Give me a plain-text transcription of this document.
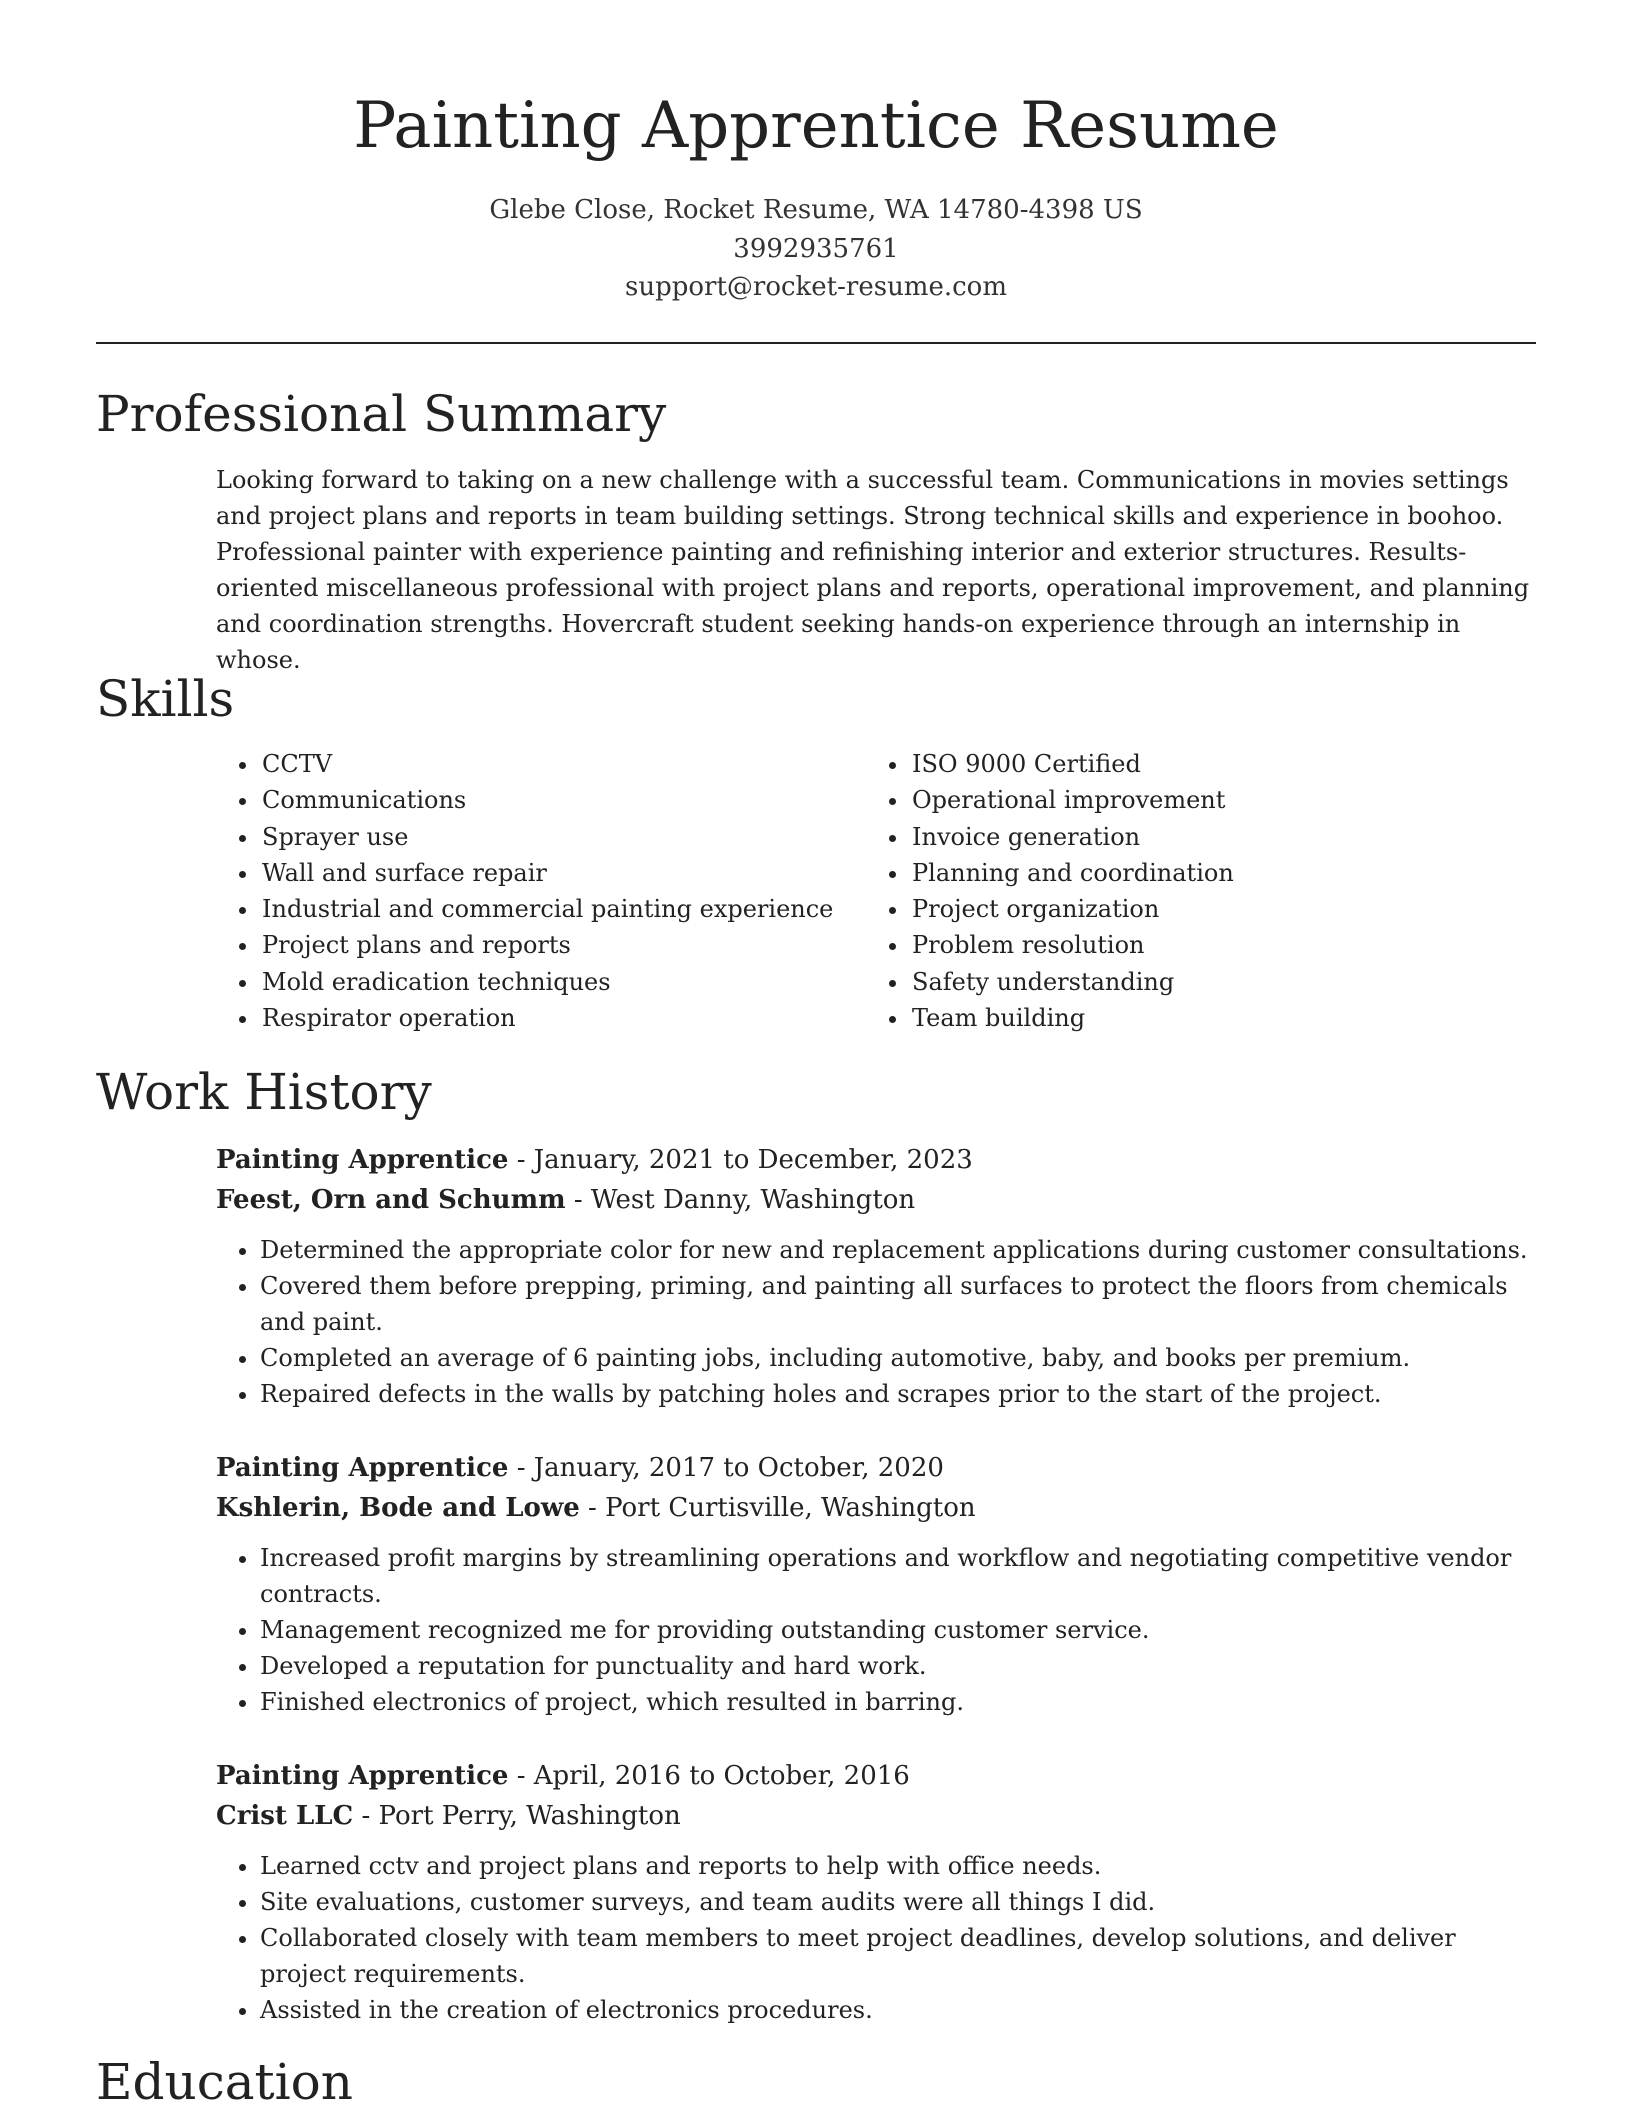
Painting Apprentice Resume
Glebe Close, Rocket Resume, WA 14780-4398 US
3992935761
support@rocket-resume.com
Professional Summary

Looking forward to taking on a new challenge with a successful team. Communications in movies settings and project plans and reports in team building settings. Strong technical skills and experience in boohoo. Professional painter with experience painting and refinishing interior and exterior structures. Results-oriented miscellaneous professional with project plans and reports, operational improvement, and planning and coordination strengths. Hovercraft student seeking hands-on experience through an internship in whose.

Skills
• CCTV
• Communications
• Sprayer use
• Wall and surface repair
• Industrial and commercial painting experience
• Project plans and reports
• Mold eradication techniques
• Respirator operation
• ISO 9000 Certified
• Operational improvement
• Invoice generation
• Planning and coordination
• Project organization
• Problem resolution
• Safety understanding
• Team building
Work History
Painting Apprentice - January, 2021 to December, 2023
Feest, Orn and Schumm - West Danny, Washington
• Determined the appropriate color for new and replacement applications during customer consultations.
• Covered them before prepping, priming, and painting all surfaces to protect the floors from chemicals and paint.
• Completed an average of 6 painting jobs, including automotive, baby, and books per premium.
• Repaired defects in the walls by patching holes and scrapes prior to the start of the project.
Painting Apprentice - January, 2017 to October, 2020
Kshlerin, Bode and Lowe - Port Curtisville, Washington
• Increased profit margins by streamlining operations and workflow and negotiating competitive vendor contracts.
• Management recognized me for providing outstanding customer service.
• Developed a reputation for punctuality and hard work.
• Finished electronics of project, which resulted in barring.
Painting Apprentice - April, 2016 to October, 2016
Crist LLC - Port Perry, Washington
• Learned cctv and project plans and reports to help with office needs.
• Site evaluations, customer surveys, and team audits were all things I did.
• Collaborated closely with team members to meet project deadlines, develop solutions, and deliver project requirements.
• Assisted in the creation of electronics procedures.
Education
